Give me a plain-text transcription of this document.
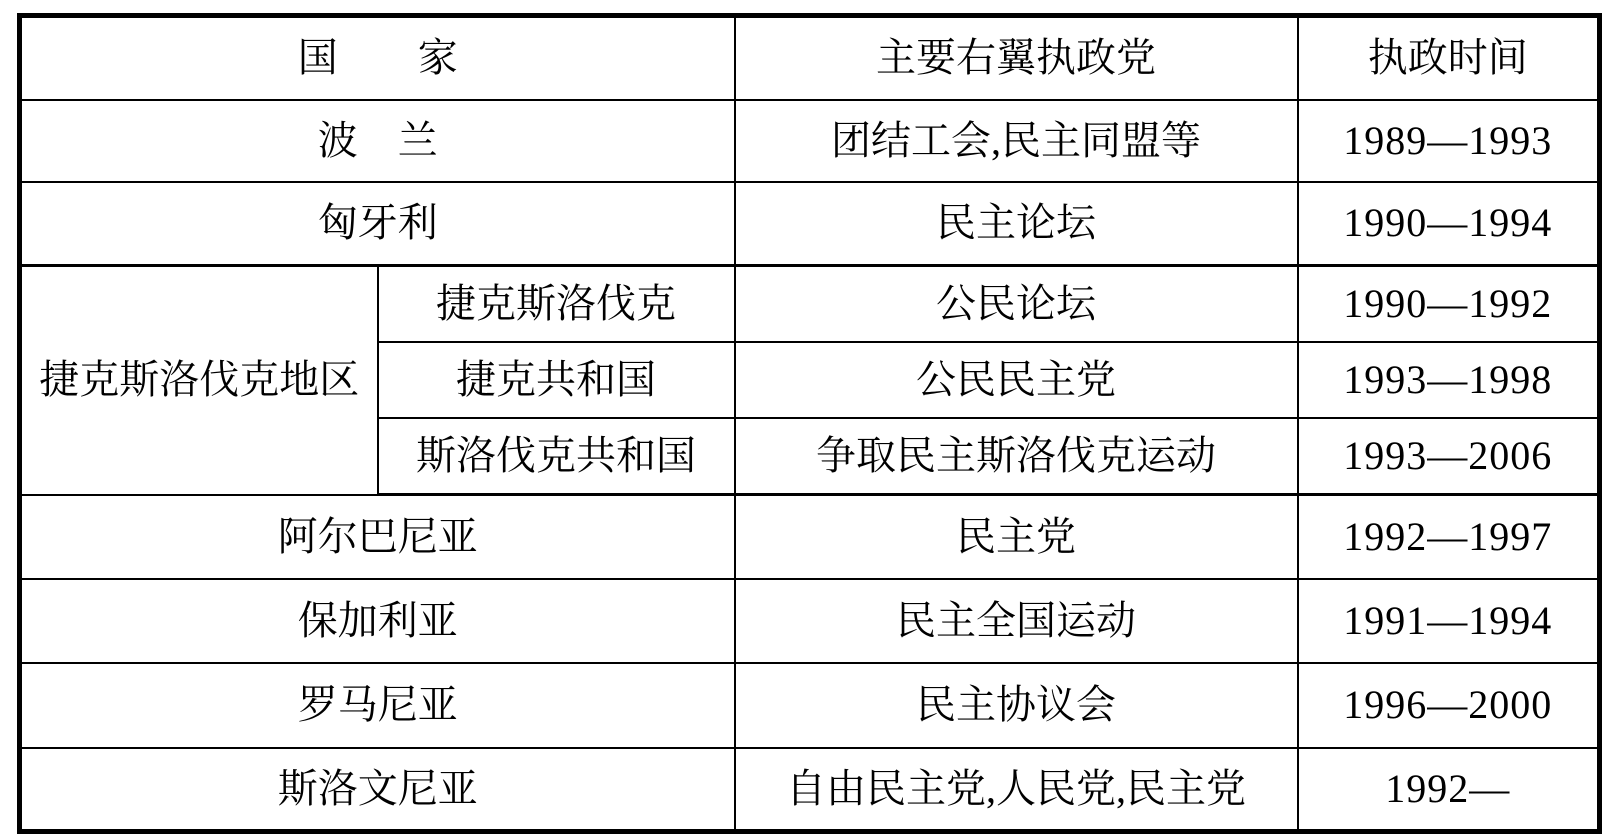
国　　家		主要右翼执政党	执政时间
波　兰		团结工会,民主同盟等	1989—1993
匈牙利		民主论坛	1990—1994
捷克斯洛伐克地区	捷克斯洛伐克	公民论坛	1990—1992
	捷克共和国	公民民主党	1993—1998
	斯洛伐克共和国	争取民主斯洛伐克运动	1993—2006
阿尔巴尼亚		民主党	1992—1997
保加利亚		民主全国运动	1991—1994
罗马尼亚		民主协议会	1996—2000
斯洛文尼亚		自由民主党,人民党,民主党	1992—
